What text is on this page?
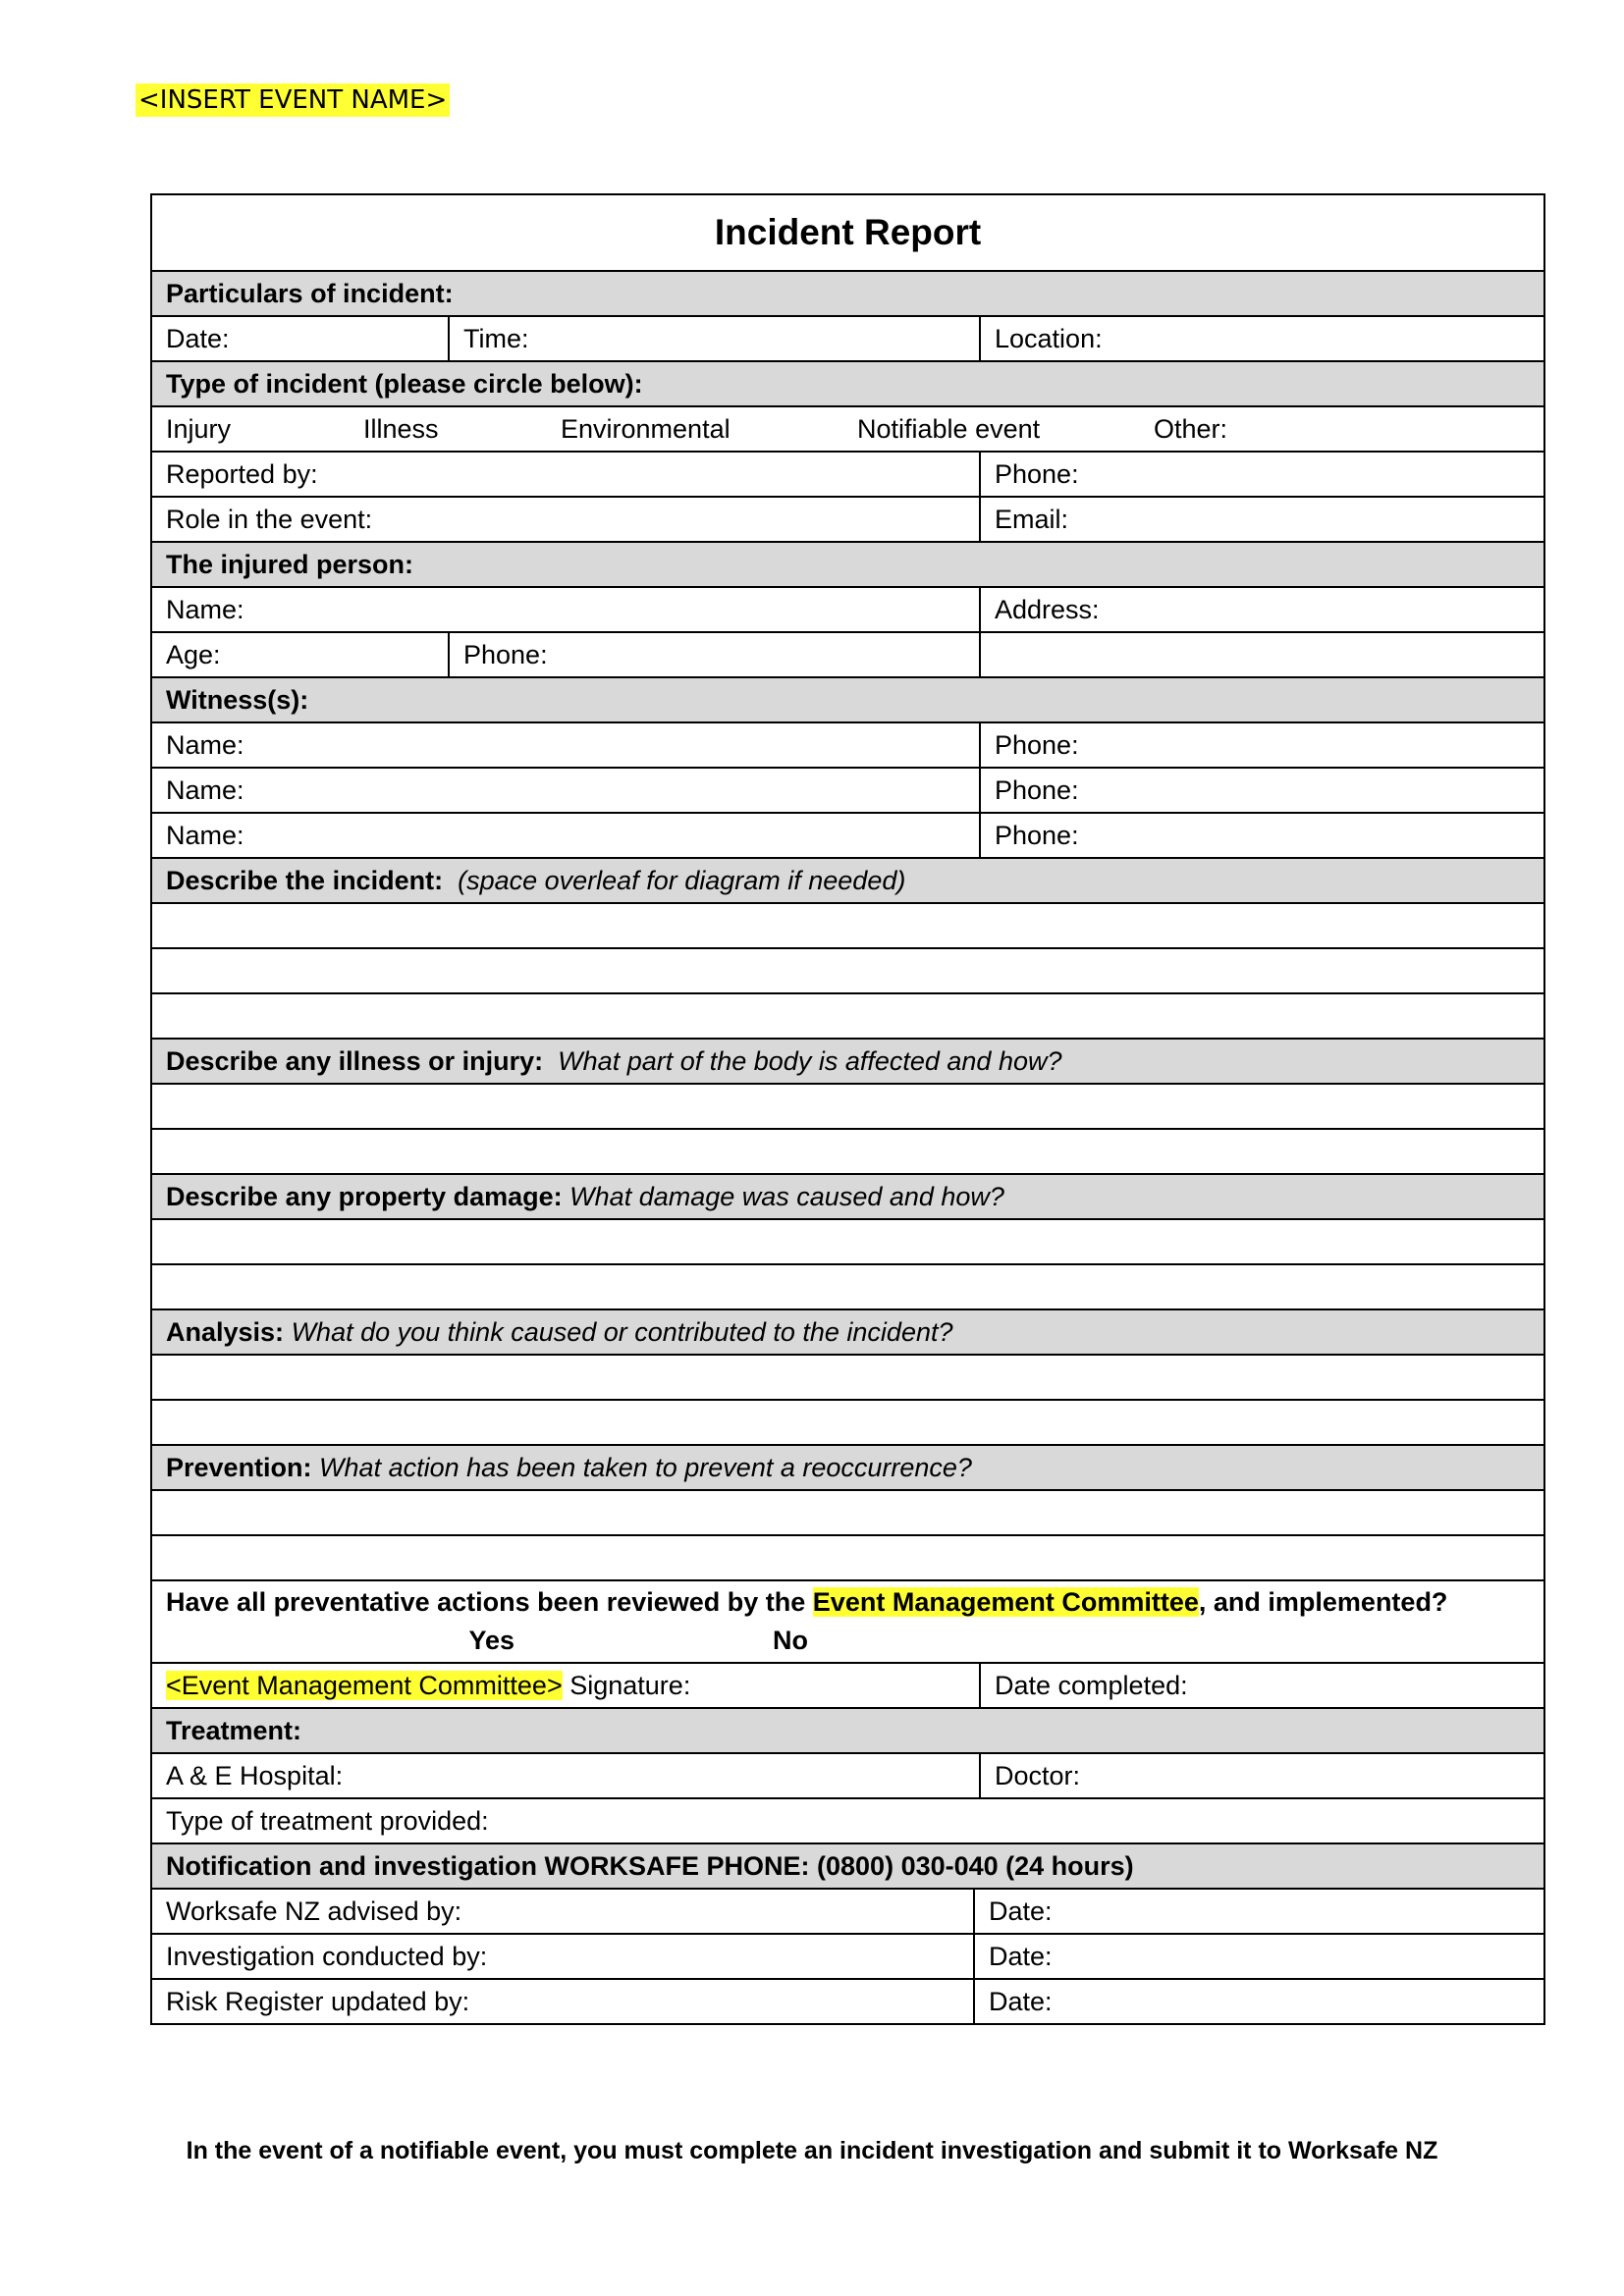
<INSERT EVENT NAME>
Incident Report			
Particulars of incident:			
Date:	Time:		Location:
Type of incident (please circle below):			

Injury Illness Environmental Notifiable event Other:			

Reported by:			Phone:
Role in the event:			Email:
The injured person:			
Name:			Address:
Age:	Phone:		
Witness(s):			
Name:			Phone:
Name:			Phone:
Name:			Phone:
Describe the incident: (space overleaf for diagram if needed)			

Describe any illness or injury: What part of the body is affected and how?			

Describe any property damage: What damage was caused and how?			

Analysis: What do you think caused or contributed to the incident?			

Prevention: What action has been taken to prevent a reoccurrence?			

Have all preventative actions been reviewed by the Event Management Committee, and implemented?
Yes No			

<Event Management Committee> Signature:			Date completed:
Treatment:			
A & E Hospital:			Doctor:
Type of treatment provided:			
Notification and investigation WORKSAFE PHONE: (0800) 030-040 (24 hours)			
Worksafe NZ advised by:		Date:	
Investigation conducted by:		Date:	
Risk Register updated by:		Date:	
In the event of a notifiable event, you must complete an incident investigation and submit it to Worksafe NZ
